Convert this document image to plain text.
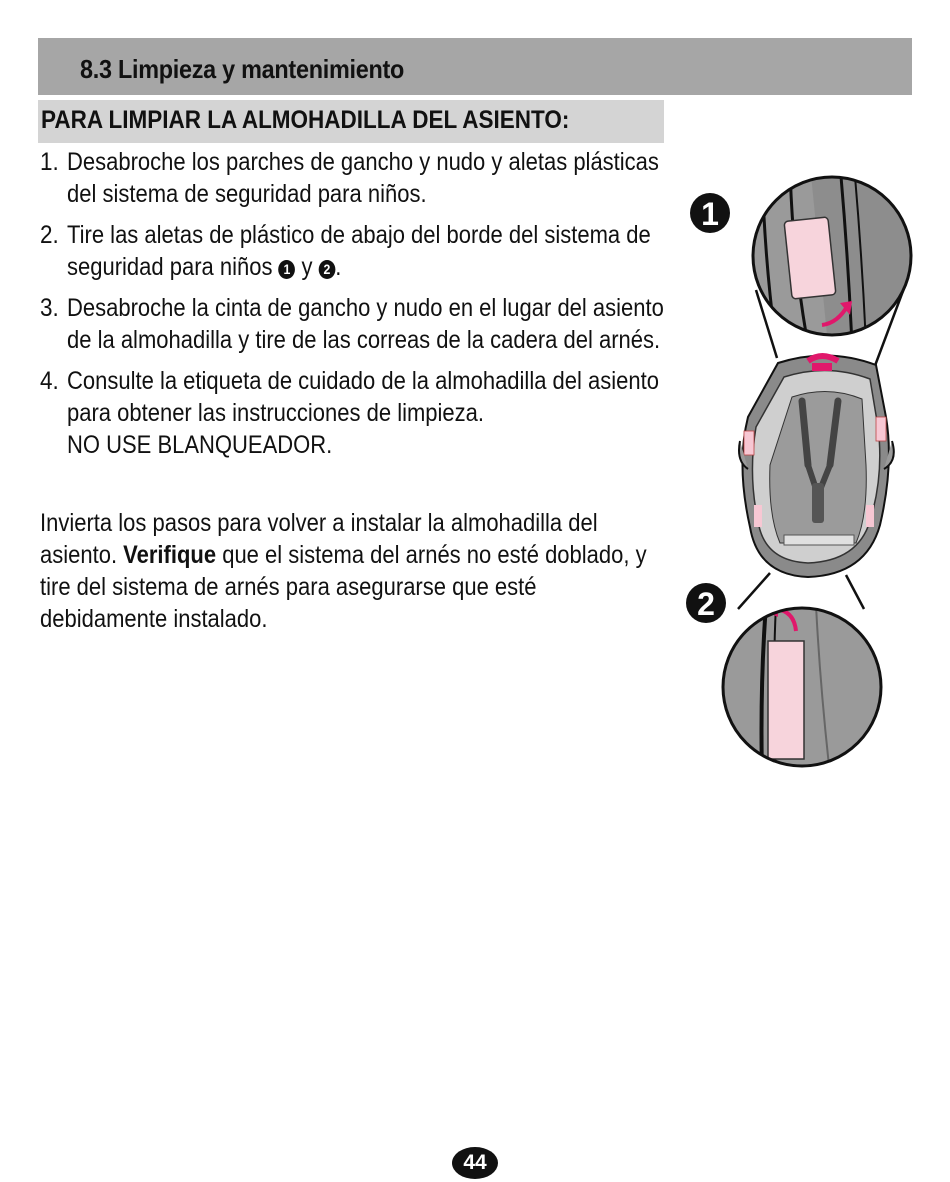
8.3 Limpieza y mantenimiento
PARA LIMPIAR LA ALMOHADILLA DEL ASIENTO:
1. Desabroche los parches de gancho y nudo y aletas plásticas del sistema de seguridad para niños.
2. Tire las aletas de plástico de abajo del borde del sistema de seguridad para niños 1 y 2 .
3. Desabroche la cinta de gancho y nudo en el lugar del asiento de la almohadilla y tire de las correas de la cadera del arnés.
4. Consulte la etiqueta de cuidado de la almohadilla del asiento para obtener las instrucciones de limpieza.
NO USE BLANQUEADOR.
Invierta los pasos para volver a instalar la almohadilla del asiento. Verifique que el sistema del arnés no esté doblado, y tire del sistema de arnés para asegurarse que esté debidamente instalado.
1
2
44
